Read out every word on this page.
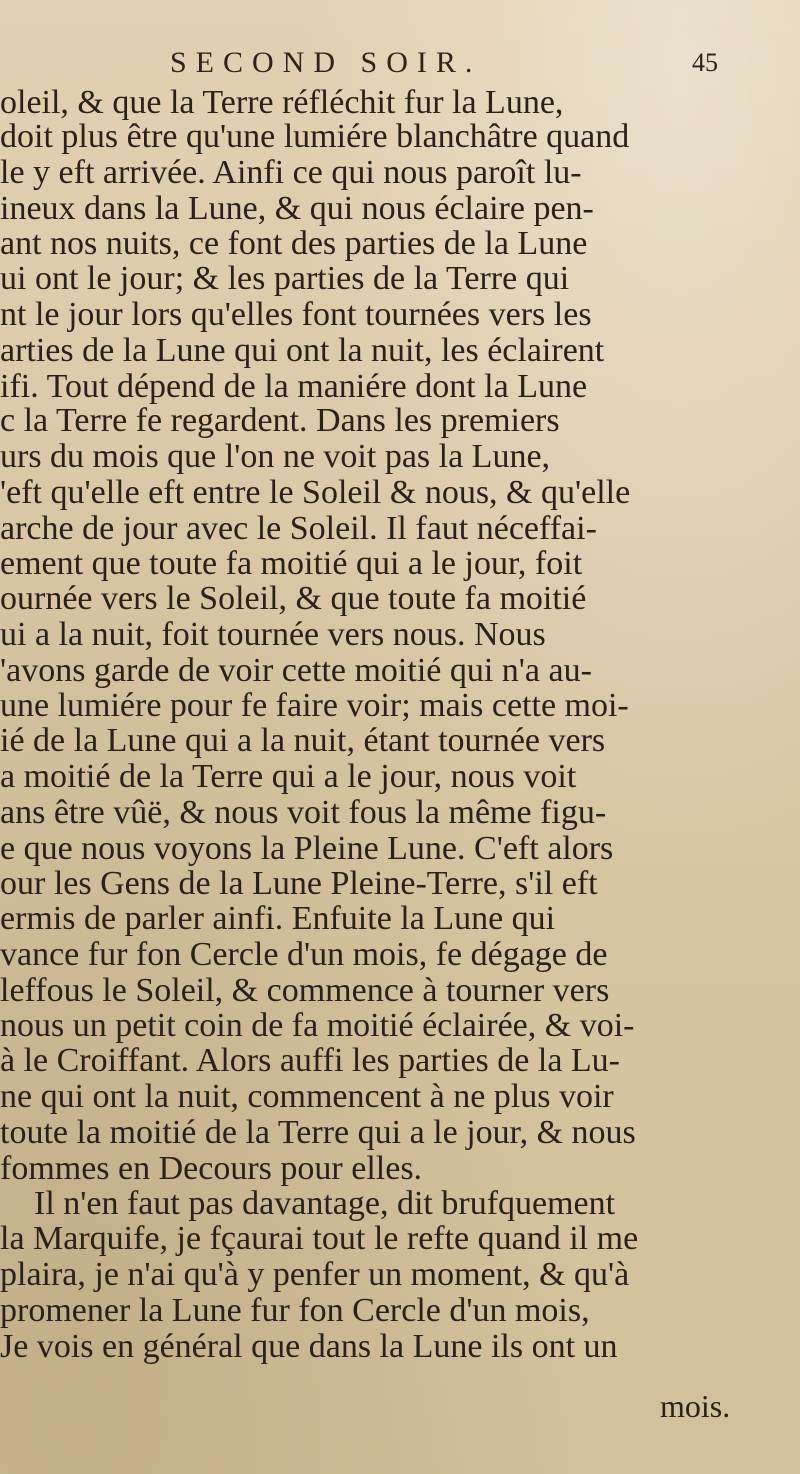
SECOND SOIR.	45
oleil, & que la Terre réfléchit fur la Lune,
doit plus être qu'une lumiére blanchâtre quand
le y eft arrivée. Ainfi ce qui nous paroît lu-
ineux dans la Lune, & qui nous éclaire pen-
ant nos nuits, ce font des parties de la Lune
ui ont le jour; & les parties de la Terre qui
nt le jour lors qu'elles font tournées vers les
arties de la Lune qui ont la nuit, les éclairent
ifi. Tout dépend de la maniére dont la Lune
c la Terre fe regardent. Dans les premiers
urs du mois que l'on ne voit pas la Lune,
'eft qu'elle eft entre le Soleil & nous, & qu'elle
arche de jour avec le Soleil. Il faut néceffai-
ement que toute fa moitié qui a le jour, foit
ournée vers le Soleil, & que toute fa moitié
ui a la nuit, foit tournée vers nous. Nous
'avons garde de voir cette moitié qui n'a au-
une lumiére pour fe faire voir; mais cette moi-
ié de la Lune qui a la nuit, étant tournée vers
a moitié de la Terre qui a le jour, nous voit
ans être vûë, & nous voit fous la même figu-
e que nous voyons la Pleine Lune. C'eft alors
our les Gens de la Lune Pleine-Terre, s'il eft
ermis de parler ainfi. Enfuite la Lune qui
vance fur fon Cercle d'un mois, fe dégage de
leffous le Soleil, & commence à tourner vers
nous un petit coin de fa moitié éclairée, & voi-
à le Croiffant. Alors auffi les parties de la Lu-
ne qui ont la nuit, commencent à ne plus voir
toute la moitié de la Terre qui a le jour, & nous
fommes en Decours pour elles.
Il n'en faut pas davantage, dit brufquement
la Marquife, je fçaurai tout le refte quand il me
plaira, je n'ai qu'à y penfer un moment, & qu'à
promener la Lune fur fon Cercle d'un mois,
Je vois en général que dans la Lune ils ont un
mois.
